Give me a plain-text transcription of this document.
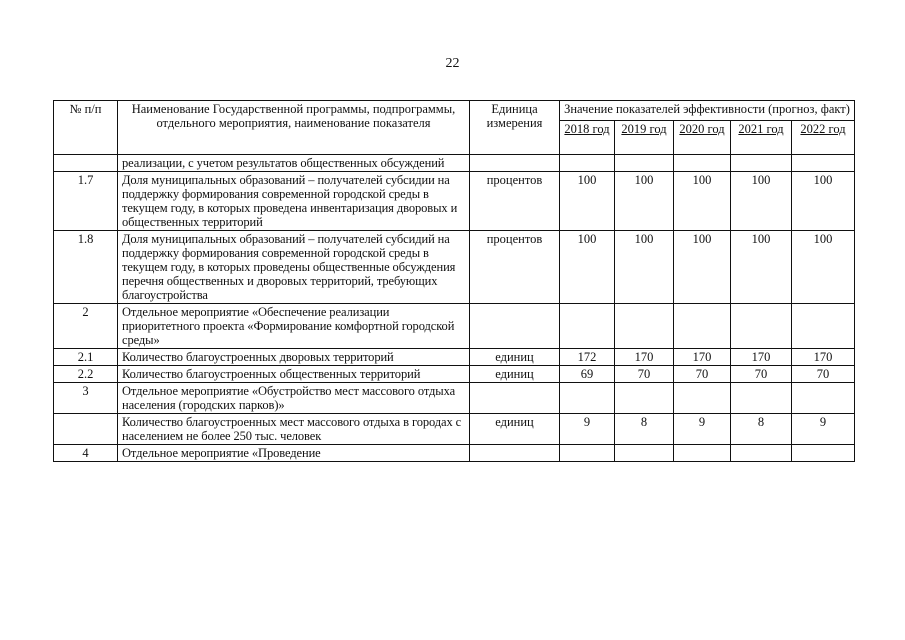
22
№ п/п	Наименование Государственной программы, подпрограммы, отдельного мероприятия, наименование показателя	Единица измерения	Значение показателей эффективности (прогноз, факт)				

			2018 год	2019 год	2020 год	2021 год	2022 год

	реализации, с учетом результатов общественных обсуждений						
1.7	Доля муниципальных образований – получателей субсидии на поддержку формирования современной городской среды в текущем году, в которых проведена инвентаризация дворовых и общественных территорий	процентов	100	100	100	100	100
1.8	Доля муниципальных образований – получателей субсидий на поддержку формирования современной городской среды в текущем году, в которых проведены общественные обсуждения перечня общественных и дворовых территорий, требующих благоустройства	процентов	100	100	100	100	100
2	Отдельное мероприятие «Обеспечение реализации приоритетного проекта «Формирование комфортной городской среды»						
2.1	Количество благоустроенных дворовых территорий	единиц	172	170	170	170	170
2.2	Количество благоустроенных общественных территорий	единиц	69	70	70	70	70
3	Отдельное мероприятие «Обустройство мест массового отдыха населения (городских парков)»						
	Количество благоустроенных мест массового отдыха в городах с населением не более 250 тыс. человек	единиц	9	8	9	8	9
4	Отдельное мероприятие «Проведение						
